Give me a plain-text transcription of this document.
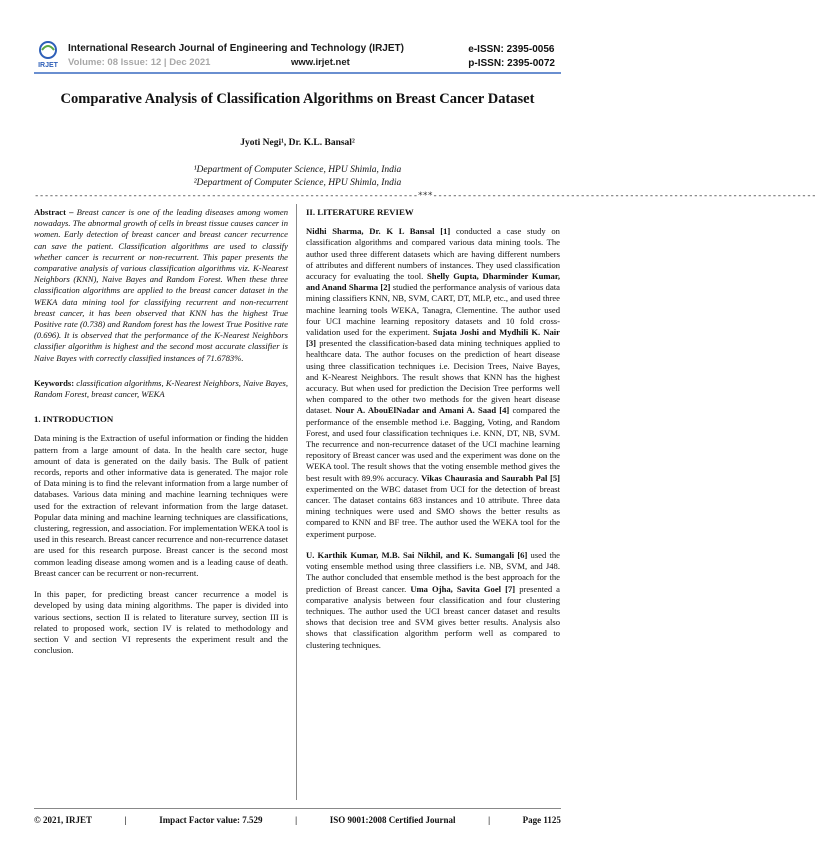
IRJET
International Research Journal of Engineering and Technology (IRJET)
Volume: 08 Issue: 12 | Dec 2021	www.irjet.net
e-ISSN: 2395-0056
p-ISSN: 2395-0072
Comparative Analysis of Classification Algorithms on Breast Cancer Dataset
Jyoti Negi¹, Dr. K.L. Bansal²
¹Department of Computer Science, HPU Shimla, India
²Department of Computer Science, HPU Shimla, India
------------------------------------------------------------------------------***------------------------------------------------------------------------------

Abstract – Breast cancer is one of the leading diseases among women nowadays. The abnormal growth of cells in breast tissue causes cancer in women. Early detection of breast cancer and breast cancer recurrence can save the patient. Classification algorithms are used to classify whether cancer is recurrent or non-recurrent. This paper presents the comparative analysis of various classification algorithms viz. K-Nearest Neighbors (KNN), Naive Bayes and Random Forest. When these three classification algorithms are applied to the breast cancer dataset in the WEKA data mining tool for classifying recurrent and non-recurrent breast cancer, it has been observed that KNN has the highest True Positive rate (0.738) and Random forest has the lowest True Positive rate (0.696). It is observed that the performance of the K-Nearest Neighbors classifier algorithm is highest and the second most accurate classifier is Naive Bayes with correctly classified instances of 71.6783%.

Keywords: classification algorithms, K-Nearest Neighbors, Naive Bayes, Random Forest, breast cancer, WEKA

1. INTRODUCTION

Data mining is the Extraction of useful information or finding the hidden pattern from a large amount of data. In the health care sector, huge amount of data is generated on the daily basis. The Bulk of patient records, reports and other informative data is generated. The major role of Data mining is to find the relevant information from a large number of databases. Various data mining and machine learning techniques were used for the extraction of relevant information from the large dataset. Popular data mining and machine learning techniques are classifications, clustering, regression, and association. For implementation WEKA tool is used in this research. Breast cancer recurrence and non-recurrence dataset are used for this research purpose. Breast cancer is the second most common leading disease among women and is a leading cause of death. Breast cancer can be recurrent or non-recurrent.

In this paper, for predicting breast cancer recurrence a model is developed by using data mining algorithms. The paper is divided into various sections, section II is related to literature survey, section III is related to proposed work, section IV is related to methodology and section V and section VI represents the experiment result and the conclusion.

II. LITERATURE REVIEW

Nidhi Sharma, Dr. K L Bansal [1] conducted a case study on classification algorithms and compared various data mining tools. The author used three different datasets which are having different numbers of attributes and different numbers of instances. They used classification accuracy for evaluating the tool. Shelly Gupta, Dharminder Kumar, and Anand Sharma [2] studied the performance analysis of various data mining classifiers KNN, NB, SVM, CART, DT, MLP, etc., and used three machine learning tools WEKA, Tanagra, Clementine. The author used four UCI machine learning repository datasets and 10 fold cross-validation used for the experiment. Sujata Joshi and Mydhili K. Nair [3] presented the classification-based data mining techniques applied to healthcare data. The author focuses on the prediction of heart disease using three classification techniques i.e. Decision Trees, Naive Bayes, and K-Nearest Neighbors. The result shows that KNN has the highest accuracy. But when used for prediction the Decision Tree performs well when compared to the other two methods for the given heart disease dataset. Nour A. AbouElNadar and Amani A. Saad [4] compared the performance of the ensemble method i.e. Bagging, Voting, and Random Forest, and used four classification techniques i.e. KNN, DT, NB, SVM. The recurrence and non-recurrence dataset of the UCI machine learning repository of Breast cancer was used and the experiment was done on the WEKA tool. The result shows that the voting ensemble method gives the best result with 89.9% accuracy. Vikas Chaurasia and Saurabh Pal [5] experimented on the WBC dataset from UCI for the detection of breast cancer. The dataset contains 683 instances and 10 attribute. Three data mining techniques were used and SMO shows the better results as compared to KNN and BF tree. The author used the WEKA tool for the experiment purpose.

U. Karthik Kumar, M.B. Sai Nikhil, and K. Sumangali [6] used the voting ensemble method using three classifiers i.e. NB, SVM, and J48. The author concluded that ensemble method is the best approach for the prediction of Breast cancer. Uma Ojha, Savita Goel [7] presented a comparative analysis between four classification and four clustering techniques. The author used the UCI breast cancer dataset and results shows that decision tree and SVM gives better results. Analysis also shows that classification algorithm perform well as compared to clustering techniques.

© 2021, IRJET	|	Impact Factor value: 7.529	|	ISO 9001:2008 Certified Journal	|	Page 1125
